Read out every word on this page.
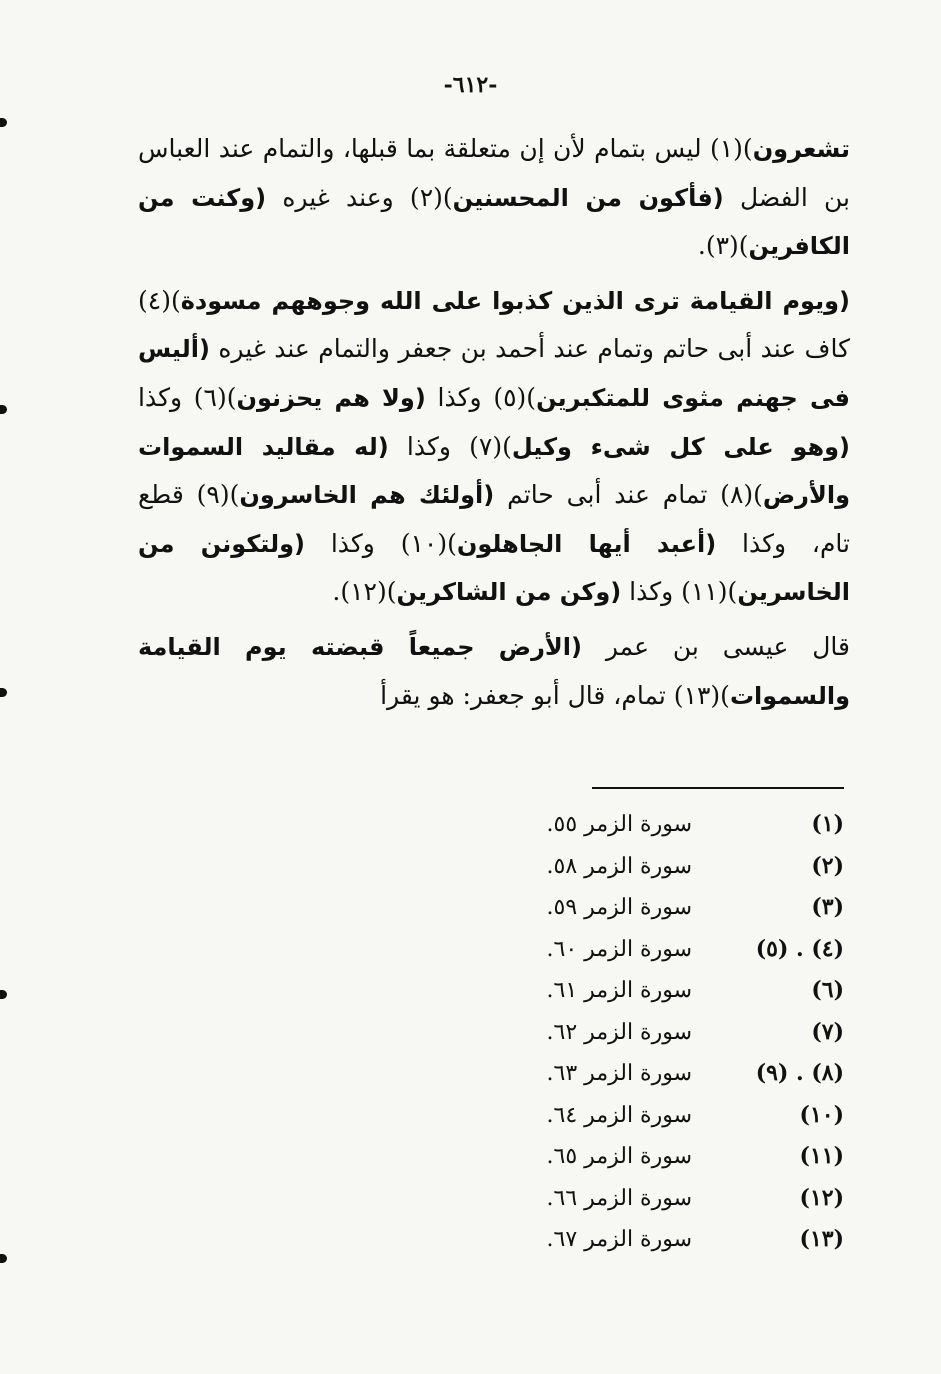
-٦١٢-

تشعرون)(١) ليس بتمام لأن إن متعلقة بما قبلها، والتمام عند العباس بن الفضل (فأكون من المحسنين)(٢) وعند غيره (وكنت من الكافرين)(٣).

(ويوم القيامة ترى الذين كذبوا على الله وجوههم مسودة)(٤) كاف عند أبى حاتم وتمام عند أحمد بن جعفر والتمام عند غيره (أليس فى جهنم مثوى للمتكبرين)(٥) وكذا (ولا هم يحزنون)(٦) وكذا (وهو على كل شىء وكيل)(٧) وكذا (له مقاليد السموات والأرض)(٨) تمام عند أبى حاتم (أولئك هم الخاسرون)(٩) قطع تام، وكذا (أعبد أيها الجاهلون)(١٠) وكذا (ولتكونن من الخاسرين)(١١) وكذا (وكن من الشاكرين)(١٢).

قال عيسى بن عمر (الأرض جميعاً قبضته يوم القيامة والسموات)(١٣) تمام، قال أبو جعفر: هو يقرأ

(١)
سورة الزمر ٥٥.
(٢)
سورة الزمر ٥٨.
(٣)
سورة الزمر ٥٩.
(٤) . (٥)
سورة الزمر ٦٠.
(٦)
سورة الزمر ٦١.
(٧)
سورة الزمر ٦٢.
(٨) . (٩)
سورة الزمر ٦٣.
(١٠)
سورة الزمر ٦٤.
(١١)
سورة الزمر ٦٥.
(١٢)
سورة الزمر ٦٦.
(١٣)
سورة الزمر ٦٧.
